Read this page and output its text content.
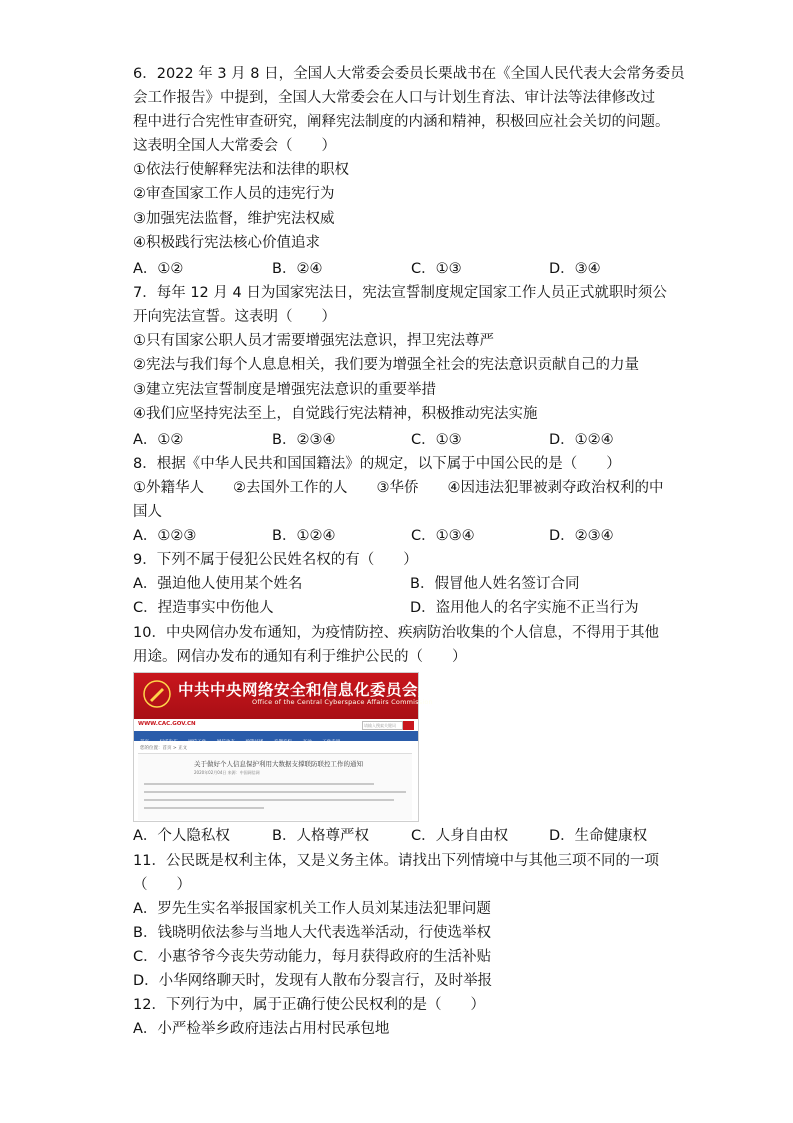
6．2022 年 3 月 8 日，全国人大常委会委员长栗战书在《全国人民代表大会常务委员
会工作报告》中提到，全国人大常委会在人口与计划生育法、审计法等法律修改过
程中进行合宪性审查研究，阐释宪法制度的内涵和精神，积极回应社会关切的问题。
这表明全国人大常委会（　　）
①依法行使解释宪法和法律的职权
②审查国家工作人员的违宪行为
③加强宪法监督，维护宪法权威
④积极践行宪法核心价值追求
A．①②	B．②④	C．①③	D．③④
7．每年 12 月 4 日为国家宪法日，宪法宣誓制度规定国家工作人员正式就职时须公
开向宪法宣誓。这表明（　　）
①只有国家公职人员才需要增强宪法意识，捍卫宪法尊严
②宪法与我们每个人息息相关，我们要为增强全社会的宪法意识贡献自己的力量
③建立宪法宣誓制度是增强宪法意识的重要举措
④我们应坚持宪法至上，自觉践行宪法精神，积极推动宪法实施
A．①②	B．②③④	C．①③	D．①②④
8．根据《中华人民共和国国籍法》的规定，以下属于中国公民的是（　　）
①外籍华人　　②去国外工作的人　　③华侨　　④因违法犯罪被剥夺政治权利的中
国人
A．①②③	B．①②④	C．①③④	D．②③④
9．下列不属于侵犯公民姓名权的有（　　）
A．强迫他人使用某个姓名	B．假冒他人姓名签订合同
C．捏造事实中伤他人	D．盗用他人的名字实施不正当行为
10．中央网信办发布通知，为疫情防控、疾病防治收集的个人信息，不得用于其他
用途。网信办发布的通知有利于维护公民的（　　）
中共中央网络安全和信息化委员会办公室
Office of the Central Cyberspace Affairs Commission
WWW.CAC.GOV.CN	请输入搜索关键词
首页 权威发布 网信工作 网信动态 政策法规 专题专栏 互动 工作专项
您的位置：首页 > 正文
关于做好个人信息保护利用大数据支撑联防联控工作的通知
2020年02月04日 来源：中国网信网
A．个人隐私权	B．人格尊严权	C．人身自由权	D．生命健康权
11．公民既是权利主体，又是义务主体。请找出下列情境中与其他三项不同的一项
（　　）
A．罗先生实名举报国家机关工作人员刘某违法犯罪问题
B．钱晓明依法参与当地人大代表选举活动，行使选举权
C．小惠爷爷今丧失劳动能力，每月获得政府的生活补贴
D．小华网络聊天时，发现有人散布分裂言行，及时举报
12．下列行为中，属于正确行使公民权利的是（　　）
A．小严检举乡政府违法占用村民承包地
